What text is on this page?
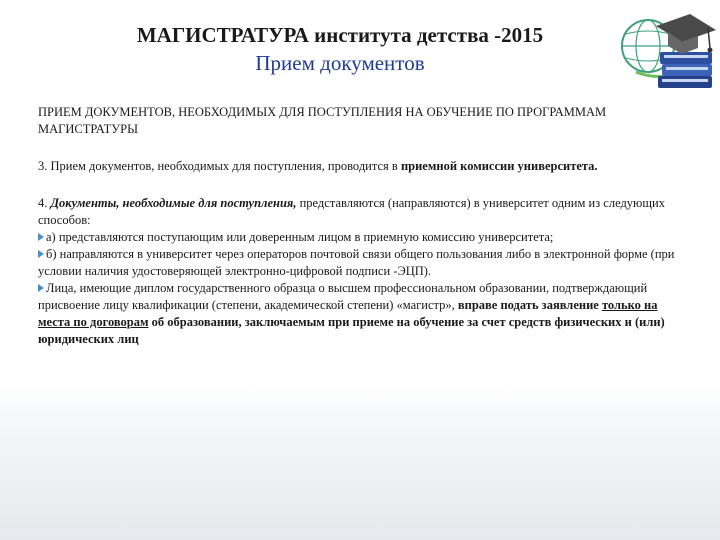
МАГИСТРАТУРА института детства -2015
Прием документов

ПРИЕМ ДОКУМЕНТОВ, НЕОБХОДИМЫХ ДЛЯ ПОСТУПЛЕНИЯ НА ОБУЧЕНИЕ ПО ПРОГРАММАМ МАГИСТРАТУРЫ

3. Прием документов, необходимых для поступления, проводится в приемной комиссии университета.

4. Документы, необходимые для поступления, представляются (направляются) в университет одним из следующих способов:

а) представляются поступающим или доверенным лицом в приемную комиссию университета;

б) направляются в университет через операторов почтовой связи общего пользования либо в электронной форме (при условии наличия удостоверяющей электронно-цифровой подписи -ЭЦП).

Лица, имеющие диплом государственного образца о высшем профессиональном образовании, подтверждающий присвоение лицу квалификации (степени, академической степени) «магистр», вправе подать заявление только на места по договорам об образовании, заключаемым при приеме на обучение за счет средств физических и (или) юридических лиц
